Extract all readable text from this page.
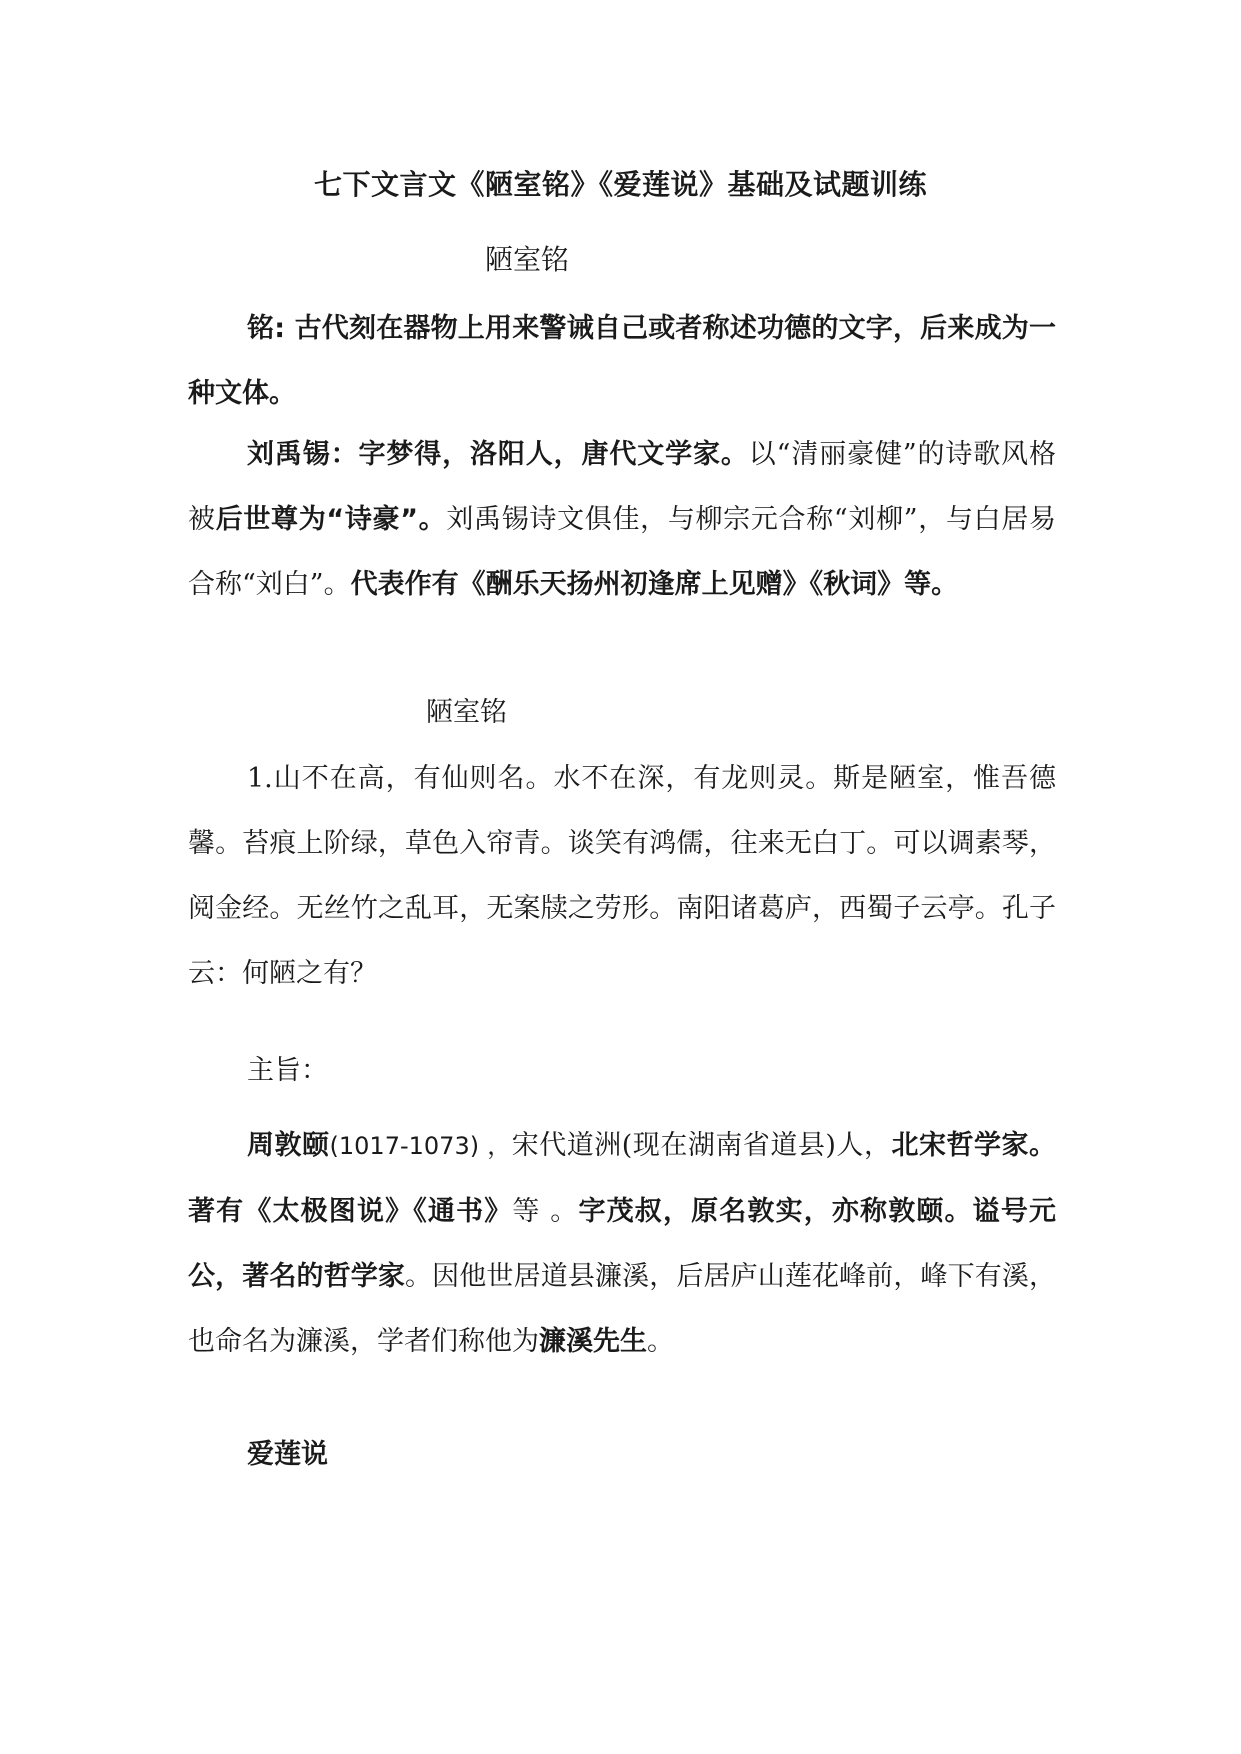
七下文言文《陋室铭》《爱莲说》基础及试题训练
陋室铭
铭: 古代刻在器物上用来警诫自己或者称述功德的文字，后来成为一种文体。
刘禹锡：字梦得，洛阳人，唐代文学家。以“清丽豪健”的诗歌风格被后世尊为“诗豪”。刘禹锡诗文俱佳，与柳宗元合称“刘柳”，与白居易合称“刘白”。代表作有《酬乐天扬州初逢席上见赠》《秋词》等。
陋室铭
1.山不在高，有仙则名。水不在深，有龙则灵。斯是陋室，惟吾德馨。苔痕上阶绿，草色入帘青。谈笑有鸿儒，往来无白丁。可以调素琴，阅金经。无丝竹之乱耳，无案牍之劳形。南阳诸葛庐，西蜀子云亭。孔子云：何陋之有？
主旨：
周敦颐(1017-1073) ，宋代道洲(现在湖南省道县)人，北宋哲学家。著有《太极图说》《通书》等 。字茂叔，原名敦实，亦称敦颐。谥号元公，著名的哲学家。因他世居道县濂溪，后居庐山莲花峰前，峰下有溪，也命名为濂溪，学者们称他为濂溪先生。
爱莲说
